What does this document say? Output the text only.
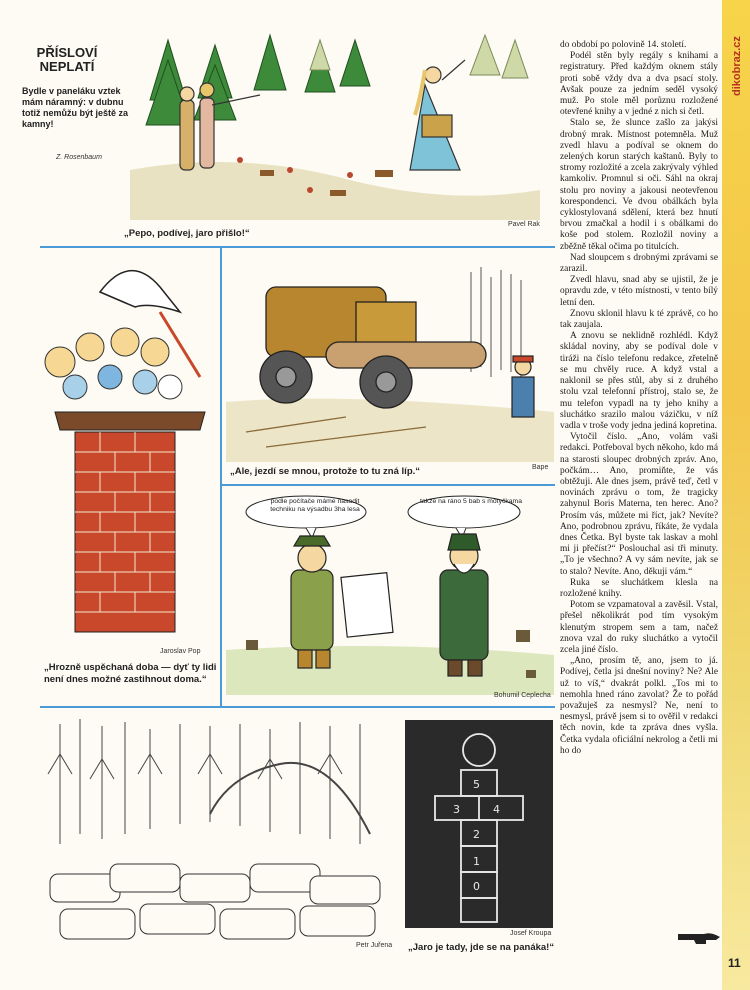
PŘÍSLOVÍ NEPLATÍ
Bydle v paneláku vztek mám náramný: v dubnu totiž nemůžu být ještě za kamny!
Z. Rosenbaum
„Pepo, podívej, jaro přišlo!“
Pavel Rak
Jaroslav Pop
„Hrozně uspěchaná doba — dyť ty lidi není dnes možné zastihnout doma.“
„Ale, jezdí se mnou, protože to tu zná líp.“	Bape
podle počítače máme nasadit techniku na výsadbu 3ha lesa
takže na ráno 5 bab s motyčkama
Bohumil Ceplecha
Petr Juřena
5
3	4
2
1
0
Josef Kroupa
„Jaro je tady, jde se na panáka!“

do období po polovině 14. století.

Podél stěn byly regály s knihami a registratury. Před každým oknem stály proti sobě vždy dva a dva psací stoly. Avšak pouze za jedním seděl vysoký muž. Po stole měl porůznu rozložené otevřené knihy a v jedné z nich si četl.

Stalo se, že slunce zašlo za jakýsi drobný mrak. Místnost potemněla. Muž zvedl hlavu a podíval se oknem do zelených korun starých kaštanů. Byly to stromy rozložité a zcela zakrývaly výhled kamkoliv. Promnul si oči. Sáhl na okraj stolu pro noviny a jakousi neotevřenou korespondenci. Ve dvou obálkách byla cyklostylovaná sdělení, která bez hnutí brvou zmačkal a hodil i s obálkami do koše pod stolem. Rozložil noviny a zběžně těkal očima po titulcích.

Nad sloupcem s drobnými zprávami se zarazil.

Zvedl hlavu, snad aby se ujistil, že je opravdu zde, v této místnosti, v tento bílý letní den.

Znovu sklonil hlavu k té zprávě, co ho tak zaujala.

A znovu se neklidně rozhlédl. Když skládal noviny, aby se podíval dole v tiráži na číslo telefonu redakce, zřetelně se mu chvěly ruce. A když vstal a naklonil se přes stůl, aby si z druhého stolu vzal telefonní přístroj, stalo se, že mu telefon vypadl na ty jeho knihy a sluchátko srazilo malou vázičku, v níž vadla v troše vody jedna jediná kopretina.

Vytočil číslo. „Ano, volám vaši redakci. Potřeboval bych někoho, kdo má na starosti sloupec drobných zpráv. Ano, počkám… Ano, promiňte, že vás obtěžuji. Ale dnes jsem, právě teď, četl v novinách zprávu o tom, že tragicky zahynul Boris Materna, ten herec. Ano? Prosím vás, můžete mi říct, jak? Nevíte? Ano, podrobnou zprávu, říkáte, že vydala dnes Četka. Byl byste tak laskav a mohl mi ji přečíst?“ Poslouchal asi tři minuty. „To je všechno? A vy sám nevíte, jak se to stalo? Nevíte. Ano, děkuji vám.“

Ruka se sluchátkem klesla na rozložené knihy.

Potom se vzpamatoval a zavěsil. Vstal, přešel několikrát pod tím vysokým klenutým stropem sem a tam, načež znova vzal do ruky sluchátko a vytočil zcela jiné číslo.

„Ano, prosím tě, ano, jsem to já. Podívej, četla jsi dnešní noviny? Ne? Ale už to víš,“ dvakrát polkl. „Tos mi to nemohla hned ráno zavolat? Že to pořád považuješ za nesmysl? Ne, není to nesmysl, právě jsem si to ověřil v redakci těch novin, kde ta zpráva dnes vyšla. Četka vydala oficiální nekrolog a četli mi ho do

dikobraz.cz
11
